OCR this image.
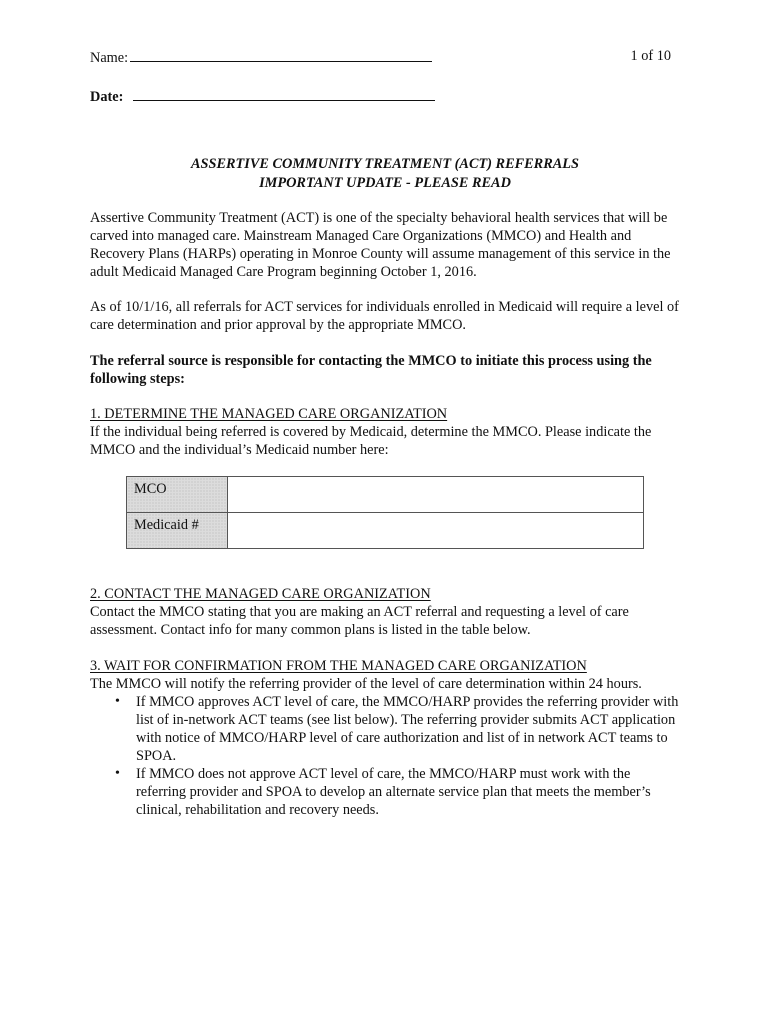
Name:	1 of 10
Date:
ASSERTIVE COMMUNITY TREATMENT (ACT) REFERRALS
IMPORTANT UPDATE - PLEASE READ

Assertive Community Treatment (ACT) is one of the specialty behavioral health services that will be carved into managed care. Mainstream Managed Care Organizations (MMCO) and Health and Recovery Plans (HARPs) operating in Monroe County will assume management of this service in the adult Medicaid Managed Care Program beginning October 1, 2016.

As of 10/1/16, all referrals for ACT services for individuals enrolled in Medicaid will require a level of care determination and prior approval by the appropriate MMCO.

The referral source is responsible for contacting the MMCO to initiate this process using the following steps:

1. DETERMINE THE MANAGED CARE ORGANIZATION
If the individual being referred is covered by Medicaid, determine the MMCO. Please indicate the MMCO and the individual’s Medicaid number here:
MCO	
Medicaid #	
2. CONTACT THE MANAGED CARE ORGANIZATION
Contact the MMCO stating that you are making an ACT referral and requesting a level of care assessment. Contact info for many common plans is listed in the table below.
3. WAIT FOR CONFIRMATION FROM THE MANAGED CARE ORGANIZATION
The MMCO will notify the referring provider of the level of care determination within 24 hours.
• If MMCO approves ACT level of care, the MMCO/HARP provides the referring provider with list of in-network ACT teams (see list below). The referring provider submits ACT application with notice of MMCO/HARP level of care authorization and list of in network ACT teams to SPOA.
• If MMCO does not approve ACT level of care, the MMCO/HARP must work with the referring provider and SPOA to develop an alternate service plan that meets the member’s clinical, rehabilitation and recovery needs.
